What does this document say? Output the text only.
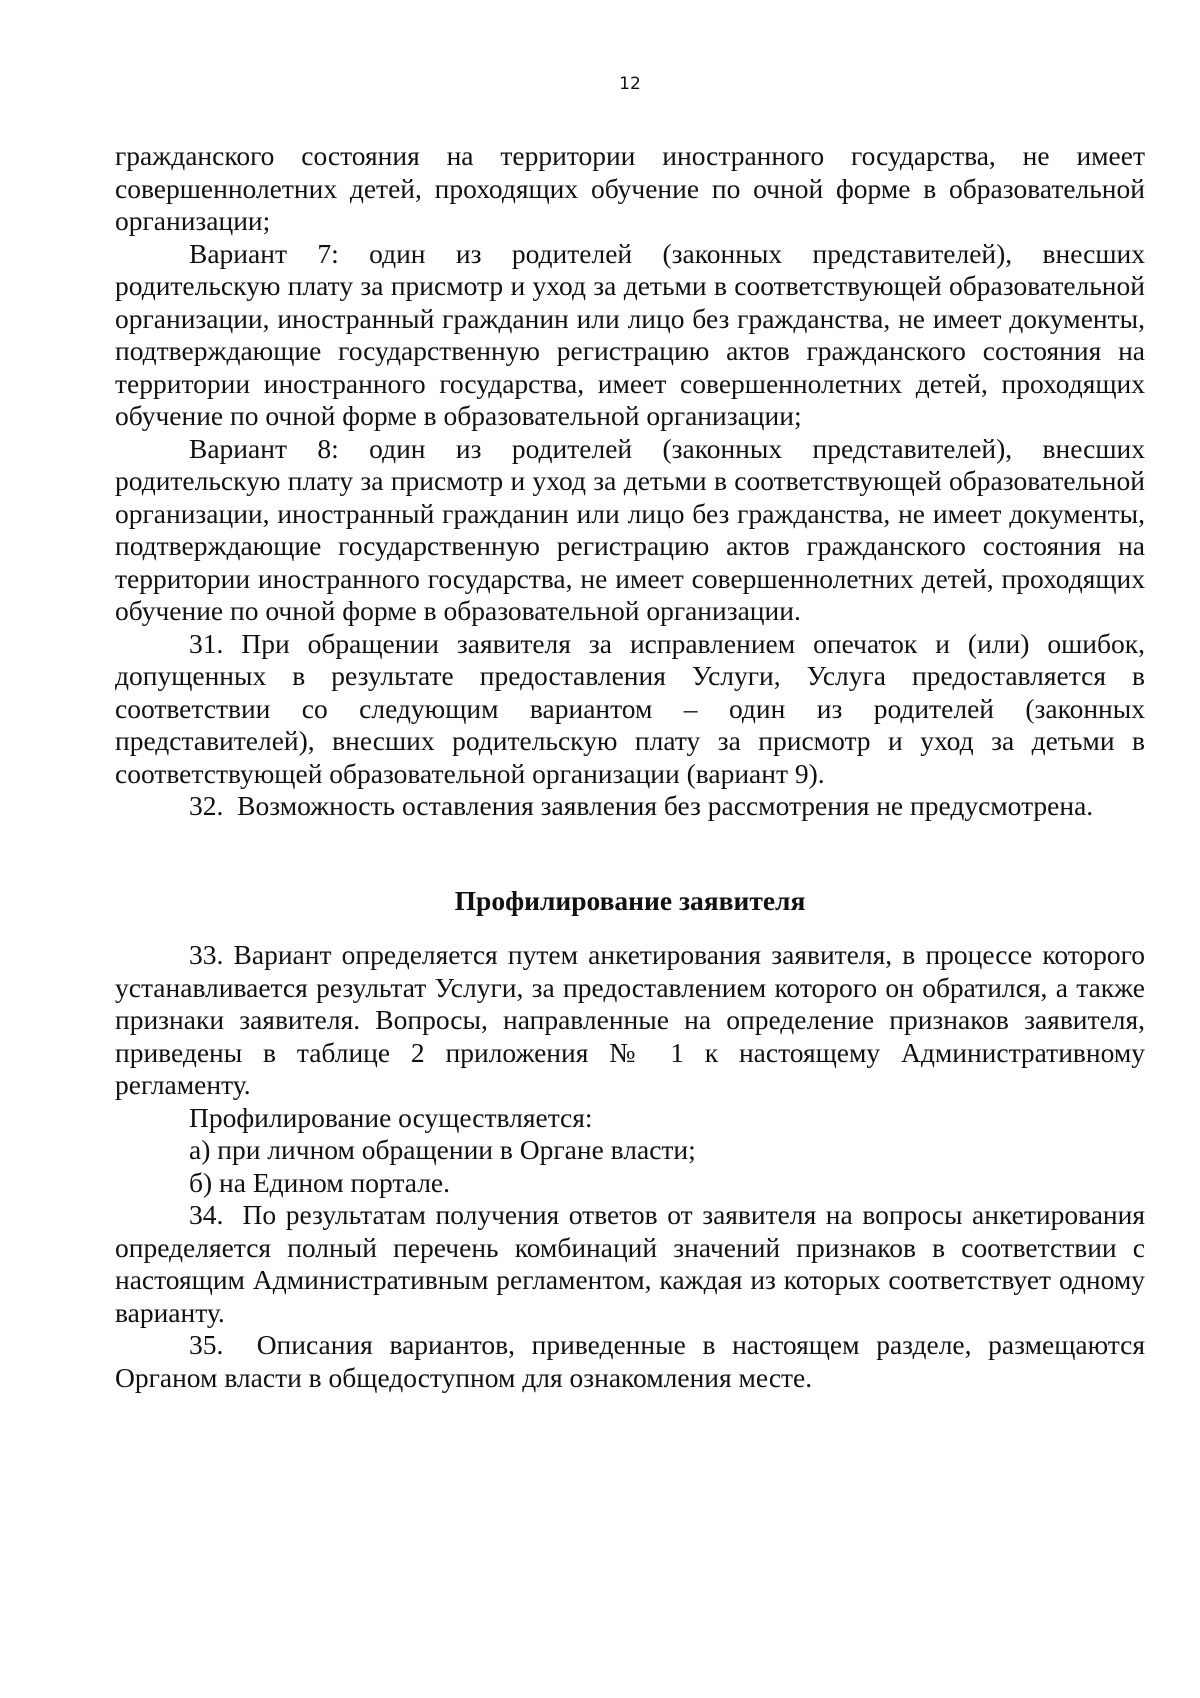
12

гражданского состояния на территории иностранного государства, не имеет совершеннолетних детей, проходящих обучение по очной форме в образовательной организации;

Вариант 7: один из родителей (законных представителей), внесших родительскую плату за присмотр и уход за детьми в соответствующей образовательной организации, иностранный гражданин или лицо без гражданства, не имеет документы, подтверждающие государственную регистрацию актов гражданского состояния на территории иностранного государства, имеет совершеннолетних детей, проходящих обучение по очной форме в образовательной организации;

Вариант 8: один из родителей (законных представителей), внесших родительскую плату за присмотр и уход за детьми в соответствующей образовательной организации, иностранный гражданин или лицо без гражданства, не имеет документы, подтверждающие государственную регистрацию актов гражданского состояния на территории иностранного государства, не имеет совершеннолетних детей, проходящих обучение по очной форме в образовательной организации.

31. При обращении заявителя за исправлением опечаток и (или) ошибок, допущенных в результате предоставления Услуги, Услуга предоставляется в соответствии со следующим вариантом – один из родителей (законных представителей), внесших родительскую плату за присмотр и уход за детьми в соответствующей образовательной организации (вариант 9).

32.  Возможность оставления заявления без рассмотрения не предусмотрена.

Профилирование заявителя

33. Вариант определяется путем анкетирования заявителя, в процессе которого устанавливается результат Услуги, за предоставлением которого он обратился, а также признаки заявителя. Вопросы, направленные на определение признаков заявителя, приведены в таблице 2 приложения № 1 к настоящему Административному регламенту.

Профилирование осуществляется:

а) при личном обращении в Органе власти;

б) на Едином портале.

34.  По результатам получения ответов от заявителя на вопросы анкетирования определяется полный перечень комбинаций значений признаков в соответствии с настоящим Административным регламентом, каждая из которых соответствует одному варианту.

35.  Описания вариантов, приведенные в настоящем разделе, размещаются Органом власти в общедоступном для ознакомления месте.
